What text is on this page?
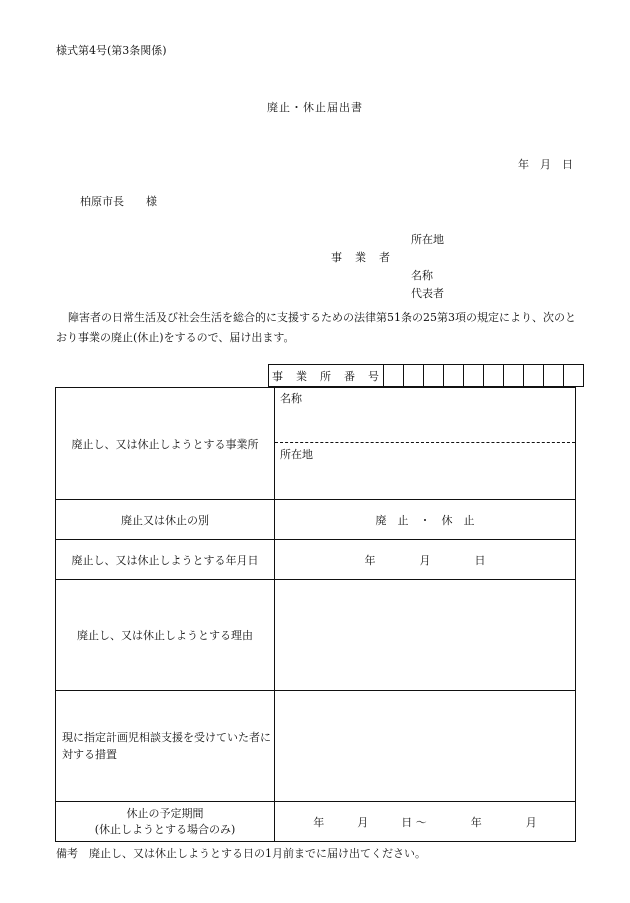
様式第4号(第3条関係)
廃止・休止届出書
年　月　日
柏原市長　　様
所在地
事　業　者
名称
代表者
障害者の日常生活及び社会生活を総合的に支援するための法律第51条の25第3項の規定により、次のとおり事業の廃止(休止)をするので、届け出ます。
事　業　所　番　号										
廃止し、又は休止しようとする事業所	名称
所在地

廃止又は休止の別	廃　止　・　休　止
廃止し、又は休止しようとする年月日	年　　　　月　　　　日
廃止し、又は休止しようとする理由	
現に指定計画児相談支援を受けていた者に対する措置	

休止の予定期間
(休止しようとする場合のみ)	年　　　月　　　日 〜　　　　年　　　　月
備考　廃止し、又は休止しようとする日の1月前までに届け出てください。
